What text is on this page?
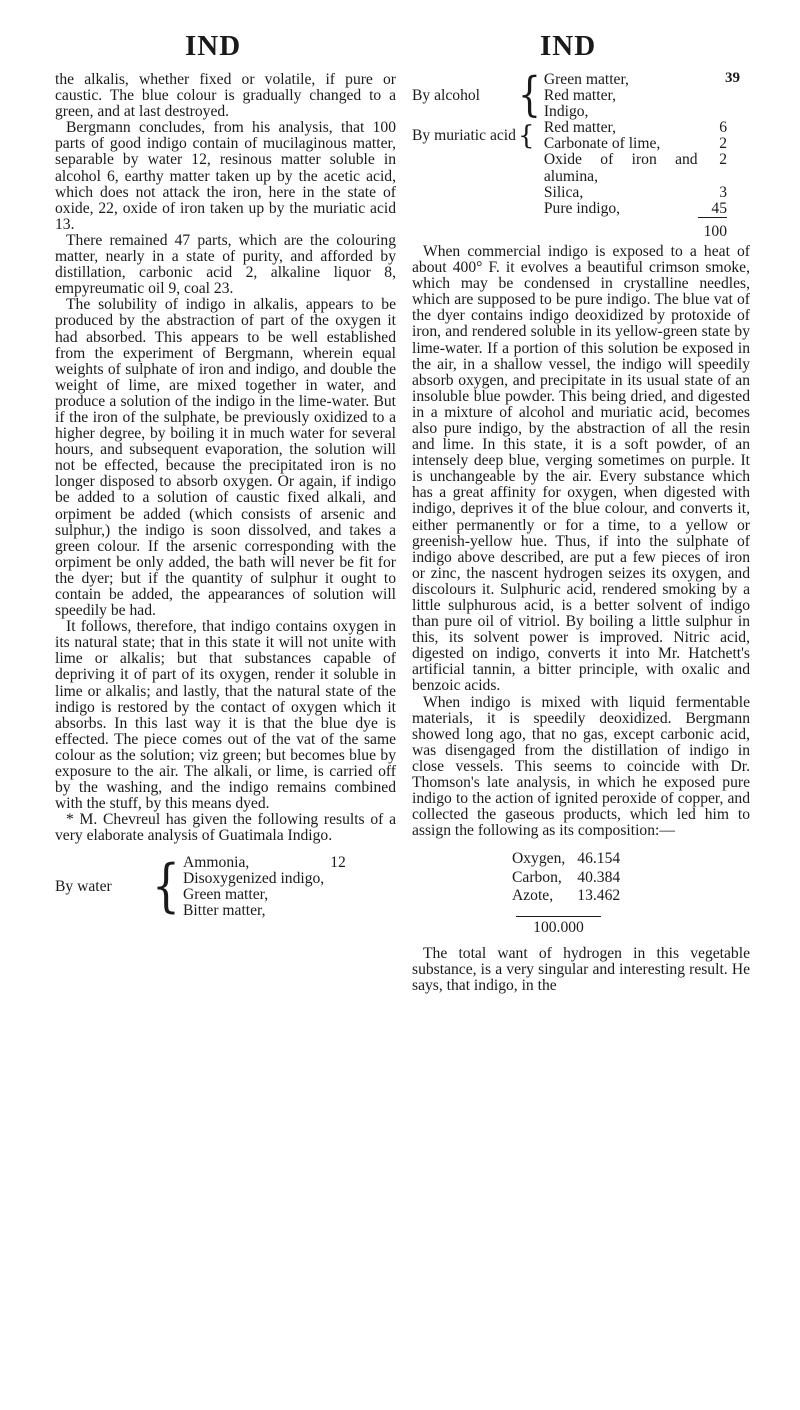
IND	IND
39

the alkalis, whether fixed or volatile, if pure or caustic. The blue colour is gradually changed to a green, and at last destroyed.

Bergmann concludes, from his analysis, that 100 parts of good indigo contain of mucilaginous matter, separable by water 12, resinous matter soluble in alcohol 6, earthy matter taken up by the acetic acid, which does not attack the iron, here in the state of oxide, 22, oxide of iron taken up by the muriatic acid 13.

There remained 47 parts, which are the colouring matter, nearly in a state of purity, and afforded by distillation, carbonic acid 2, alkaline liquor 8, empyreumatic oil 9, coal 23.

The solubility of indigo in alkalis, appears to be produced by the abstraction of part of the oxygen it had absorbed. This appears to be well established from the experiment of Bergmann, wherein equal weights of sulphate of iron and indigo, and double the weight of lime, are mixed together in water, and produce a solution of the indigo in the lime-water. But if the iron of the sulphate, be previously oxidized to a higher degree, by boiling it in much water for several hours, and subsequent evaporation, the solution will not be effected, because the precipitated iron is no longer disposed to absorb oxygen. Or again, if indigo be added to a solution of caustic fixed alkali, and orpiment be added (which consists of arsenic and sulphur,) the indigo is soon dissolved, and takes a green colour. If the arsenic corresponding with the orpiment be only added, the bath will never be fit for the dyer; but if the quantity of sulphur it ought to contain be added, the appearances of solution will speedily be had.

It follows, therefore, that indigo contains oxygen in its natural state; that in this state it will not unite with lime or alkalis; but that substances capable of depriving it of part of its oxygen, render it soluble in lime or alkalis; and lastly, that the natural state of the indigo is restored by the contact of oxygen which it absorbs. In this last way it is that the blue dye is effected. The piece comes out of the vat of the same colour as the solution; viz green; but becomes blue by exposure to the air. The alkali, or lime, is carried off by the washing, and the indigo remains combined with the stuff, by this means dyed.

* M. Chevreul has given the following results of a very elaborate analysis of Guatimala Indigo.

By water	{	Ammonia,	12
		Disoxygenized indigo,	
		Green matter,	
		Bitter matter,	
By alcohol	{	Green matter,	
		Red matter,	
		Indigo,	
By muriatic acid	{	Red matter,	6
		Carbonate of lime,	2
		Oxide of iron and alumina,	2
		Silica,	3
		Pure indigo,	45
			100

When commercial indigo is exposed to a heat of about 400° F. it evolves a beautiful crimson smoke, which may be condensed in crystalline needles, which are supposed to be pure indigo. The blue vat of the dyer contains indigo deoxidized by protoxide of iron, and rendered soluble in its yellow-green state by lime-water. If a portion of this solution be exposed in the air, in a shallow vessel, the indigo will speedily absorb oxygen, and precipitate in its usual state of an insoluble blue powder. This being dried, and digested in a mixture of alcohol and muriatic acid, becomes also pure indigo, by the abstraction of all the resin and lime. In this state, it is a soft powder, of an intensely deep blue, verging sometimes on purple. It is unchangeable by the air. Every substance which has a great affinity for oxygen, when digested with indigo, deprives it of the blue colour, and converts it, either permanently or for a time, to a yellow or greenish-yellow hue. Thus, if into the sulphate of indigo above described, are put a few pieces of iron or zinc, the nascent hydrogen seizes its oxygen, and discolours it. Sulphuric acid, rendered smoking by a little sulphurous acid, is a better solvent of indigo than pure oil of vitriol. By boiling a little sulphur in this, its solvent power is improved. Nitric acid, digested on indigo, converts it into Mr. Hatchett's artificial tannin, a bitter principle, with oxalic and benzoic acids.

When indigo is mixed with liquid fermentable materials, it is speedily deoxidized. Bergmann showed long ago, that no gas, except carbonic acid, was disengaged from the distillation of indigo in close vessels. This seems to coincide with Dr. Thomson's late analysis, in which he exposed pure indigo to the action of ignited peroxide of copper, and collected the gaseous products, which led him to assign the following as its composition:—

Oxygen,	46.154
Carbon,	40.384
Azote,	13.462
100.000

The total want of hydrogen in this vegetable substance, is a very singular and interesting result. He says, that indigo, in the
